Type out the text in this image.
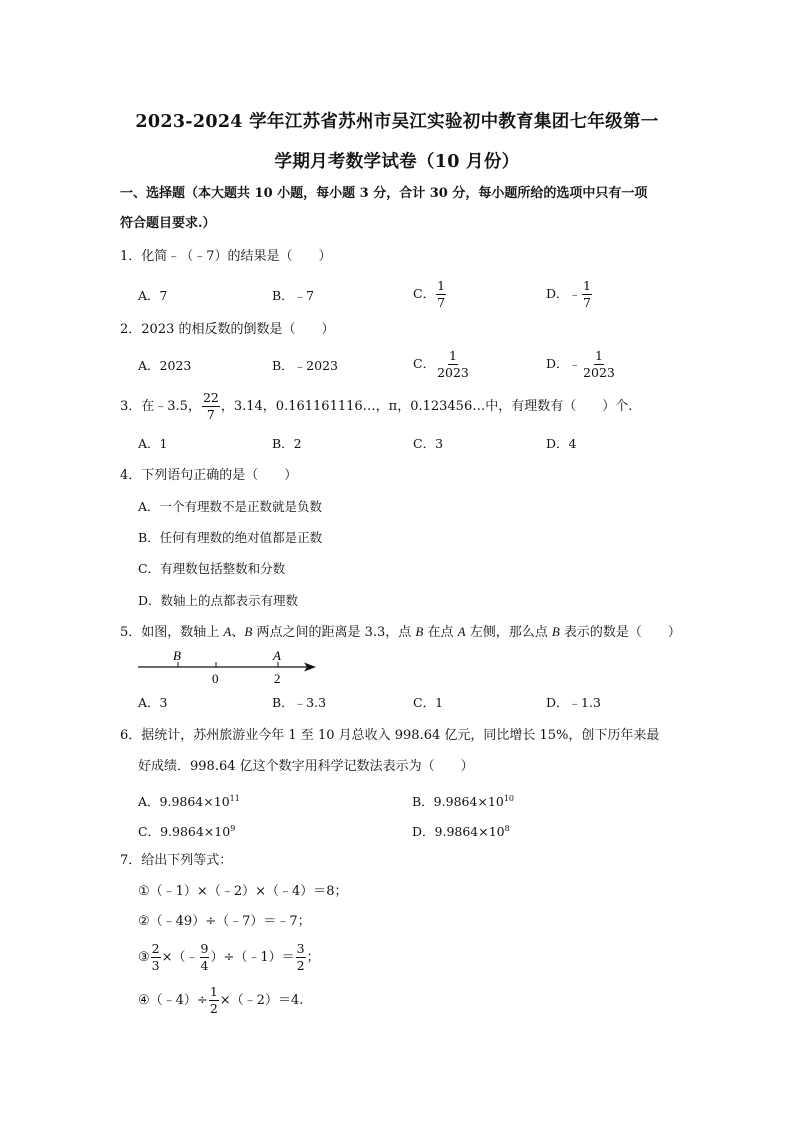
2023-2024 学年江苏省苏州市吴江实验初中教育集团七年级第一
学期月考数学试卷（10 月份）
一、选择题（本大题共 10 小题，每小题 3 分，合计 30 分，每小题所给的选项中只有一项
符合题目要求.）
1．化简﹣（﹣7）的结果是（　　）
A．7	B．﹣7	C． $\frac{1}{7}$	D．﹣ $\frac{1}{7}$
2．2023 的相反数的倒数是（　　）
A．2023	B．﹣2023	C． $\frac{1}{2023}$	D．﹣ $\frac{1}{2023}$
3．在﹣3.5， $\frac{22}{7}$ ，3.14，0.161161116…，π，0.123456…中，有理数有（　　）个.
A．1	B．2	C．3	D．4
4．下列语句正确的是（　　）
A．一个有理数不是正数就是负数
B．任何有理数的绝对值都是正数
C．有理数包括整数和分数
D．数轴上的点都表示有理数
5．如图，数轴上 A、B 两点之间的距离是 3.3，点 B 在点 A 左侧，那么点 B 表示的数是（　　）
B	A
0	2
A．3	B．﹣3.3	C．1	D．﹣1.3
6．据统计，苏州旅游业今年 1 至 10 月总收入 998.64 亿元，同比增长 15%，创下历年来最
好成绩．998.64 亿这个数字用科学记数法表示为（　　）
A．$9.9864\times 10^{11}$	B．$9.9864\times 10^{10}$
C．$9.9864\times 10^9$	D．$9.9864\times 10^8$
7．给出下列等式：
①（﹣1）×（﹣2）×（﹣4）＝8；
②（﹣49）÷（﹣7）＝﹣7；
③ $\frac{2}{3}$ ×（﹣ $\frac{9}{4}$ ）÷（﹣1）＝ $\frac{3}{2}$ ；
④（﹣4）÷ $\frac{1}{2}$ ×（﹣2）＝4.
